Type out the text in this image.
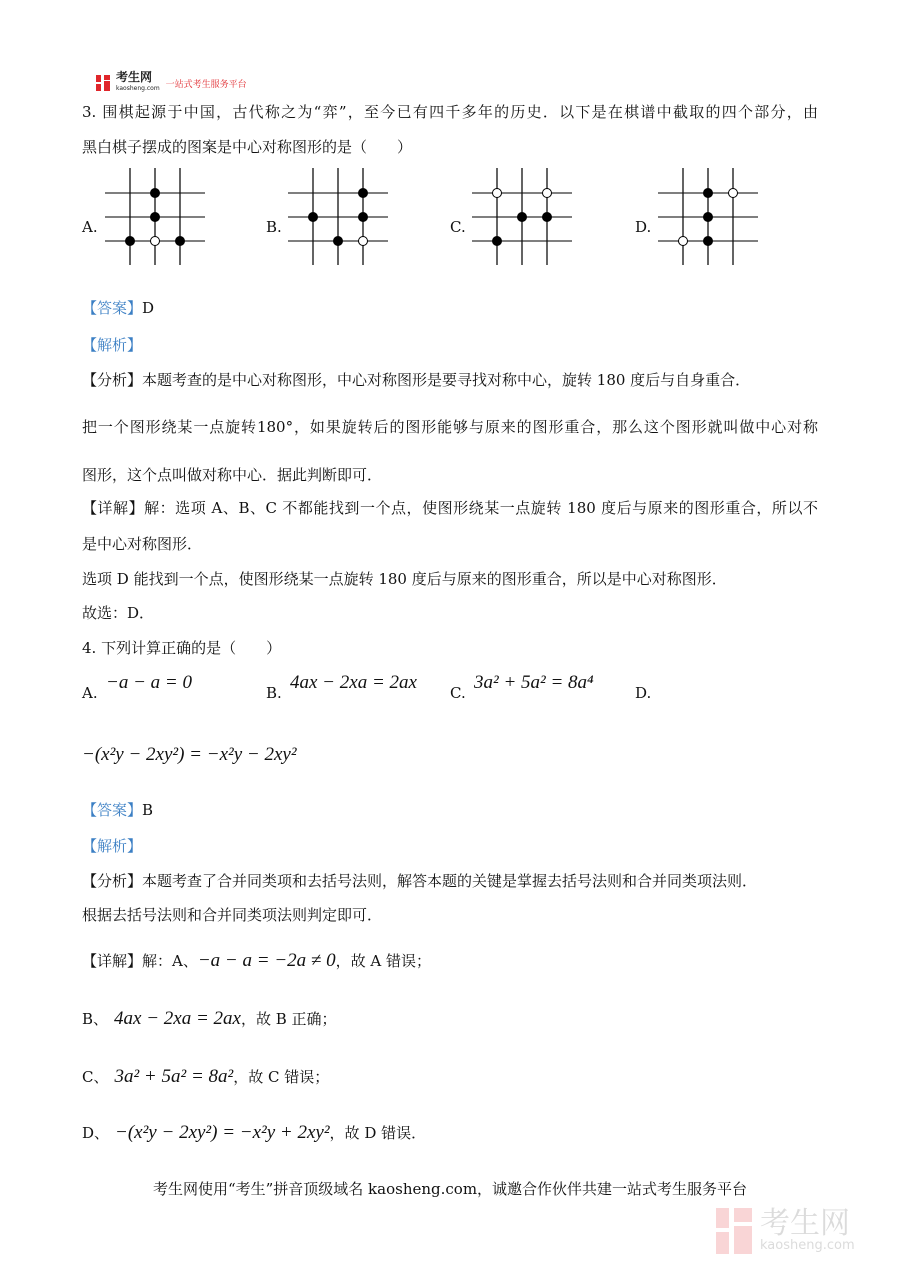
考生网
kaosheng.com 一站式考生服务平台
3. 围棋起源于中国，古代称之为“弈”，至今已有四千多年的历史．以下是在棋谱中截取的四个部分，由
黑白棋子摆成的图案是中心对称图形的是（　　）
A.	B.	C.	D.
【答案】D
【解析】
【分析】本题考查的是中心对称图形，中心对称图形是要寻找对称中心，旋转 180 度后与自身重合．
把一个图形绕某一点旋转180°，如果旋转后的图形能够与原来的图形重合，那么这个图形就叫做中心对称
图形，这个点叫做对称中心．据此判断即可．
【详解】解：选项 A、B、C 不都能找到一个点，使图形绕某一点旋转 180 度后与原来的图形重合，所以不
是中心对称图形．
选项 D 能找到一个点，使图形绕某一点旋转 180 度后与原来的图形重合，所以是中心对称图形．
故选：D．
4. 下列计算正确的是（　　）
A. −a − a = 0	B. 4ax − 2xa = 2ax C. 3a² + 5a² = 8a⁴	D.
−(x²y − 2xy²) = −x²y − 2xy²
【答案】B
【解析】
【分析】本题考查了合并同类项和去括号法则，解答本题的关键是掌握去括号法则和合并同类项法则．
根据去括号法则和合并同类项法则判定即可．
【详解】解：A、−a − a = −2a ≠ 0，故 A 错误；
B、 4ax − 2xa = 2ax，故 B 正确；
C、 3a² + 5a² = 8a²，故 C 错误；
D、 −(x²y − 2xy²) = −x²y + 2xy²，故 D 错误．
考生网使用“考生”拼音顶级域名 kaosheng.com，诚邀合作伙伴共建一站式考生服务平台
考生网
kaosheng.com
